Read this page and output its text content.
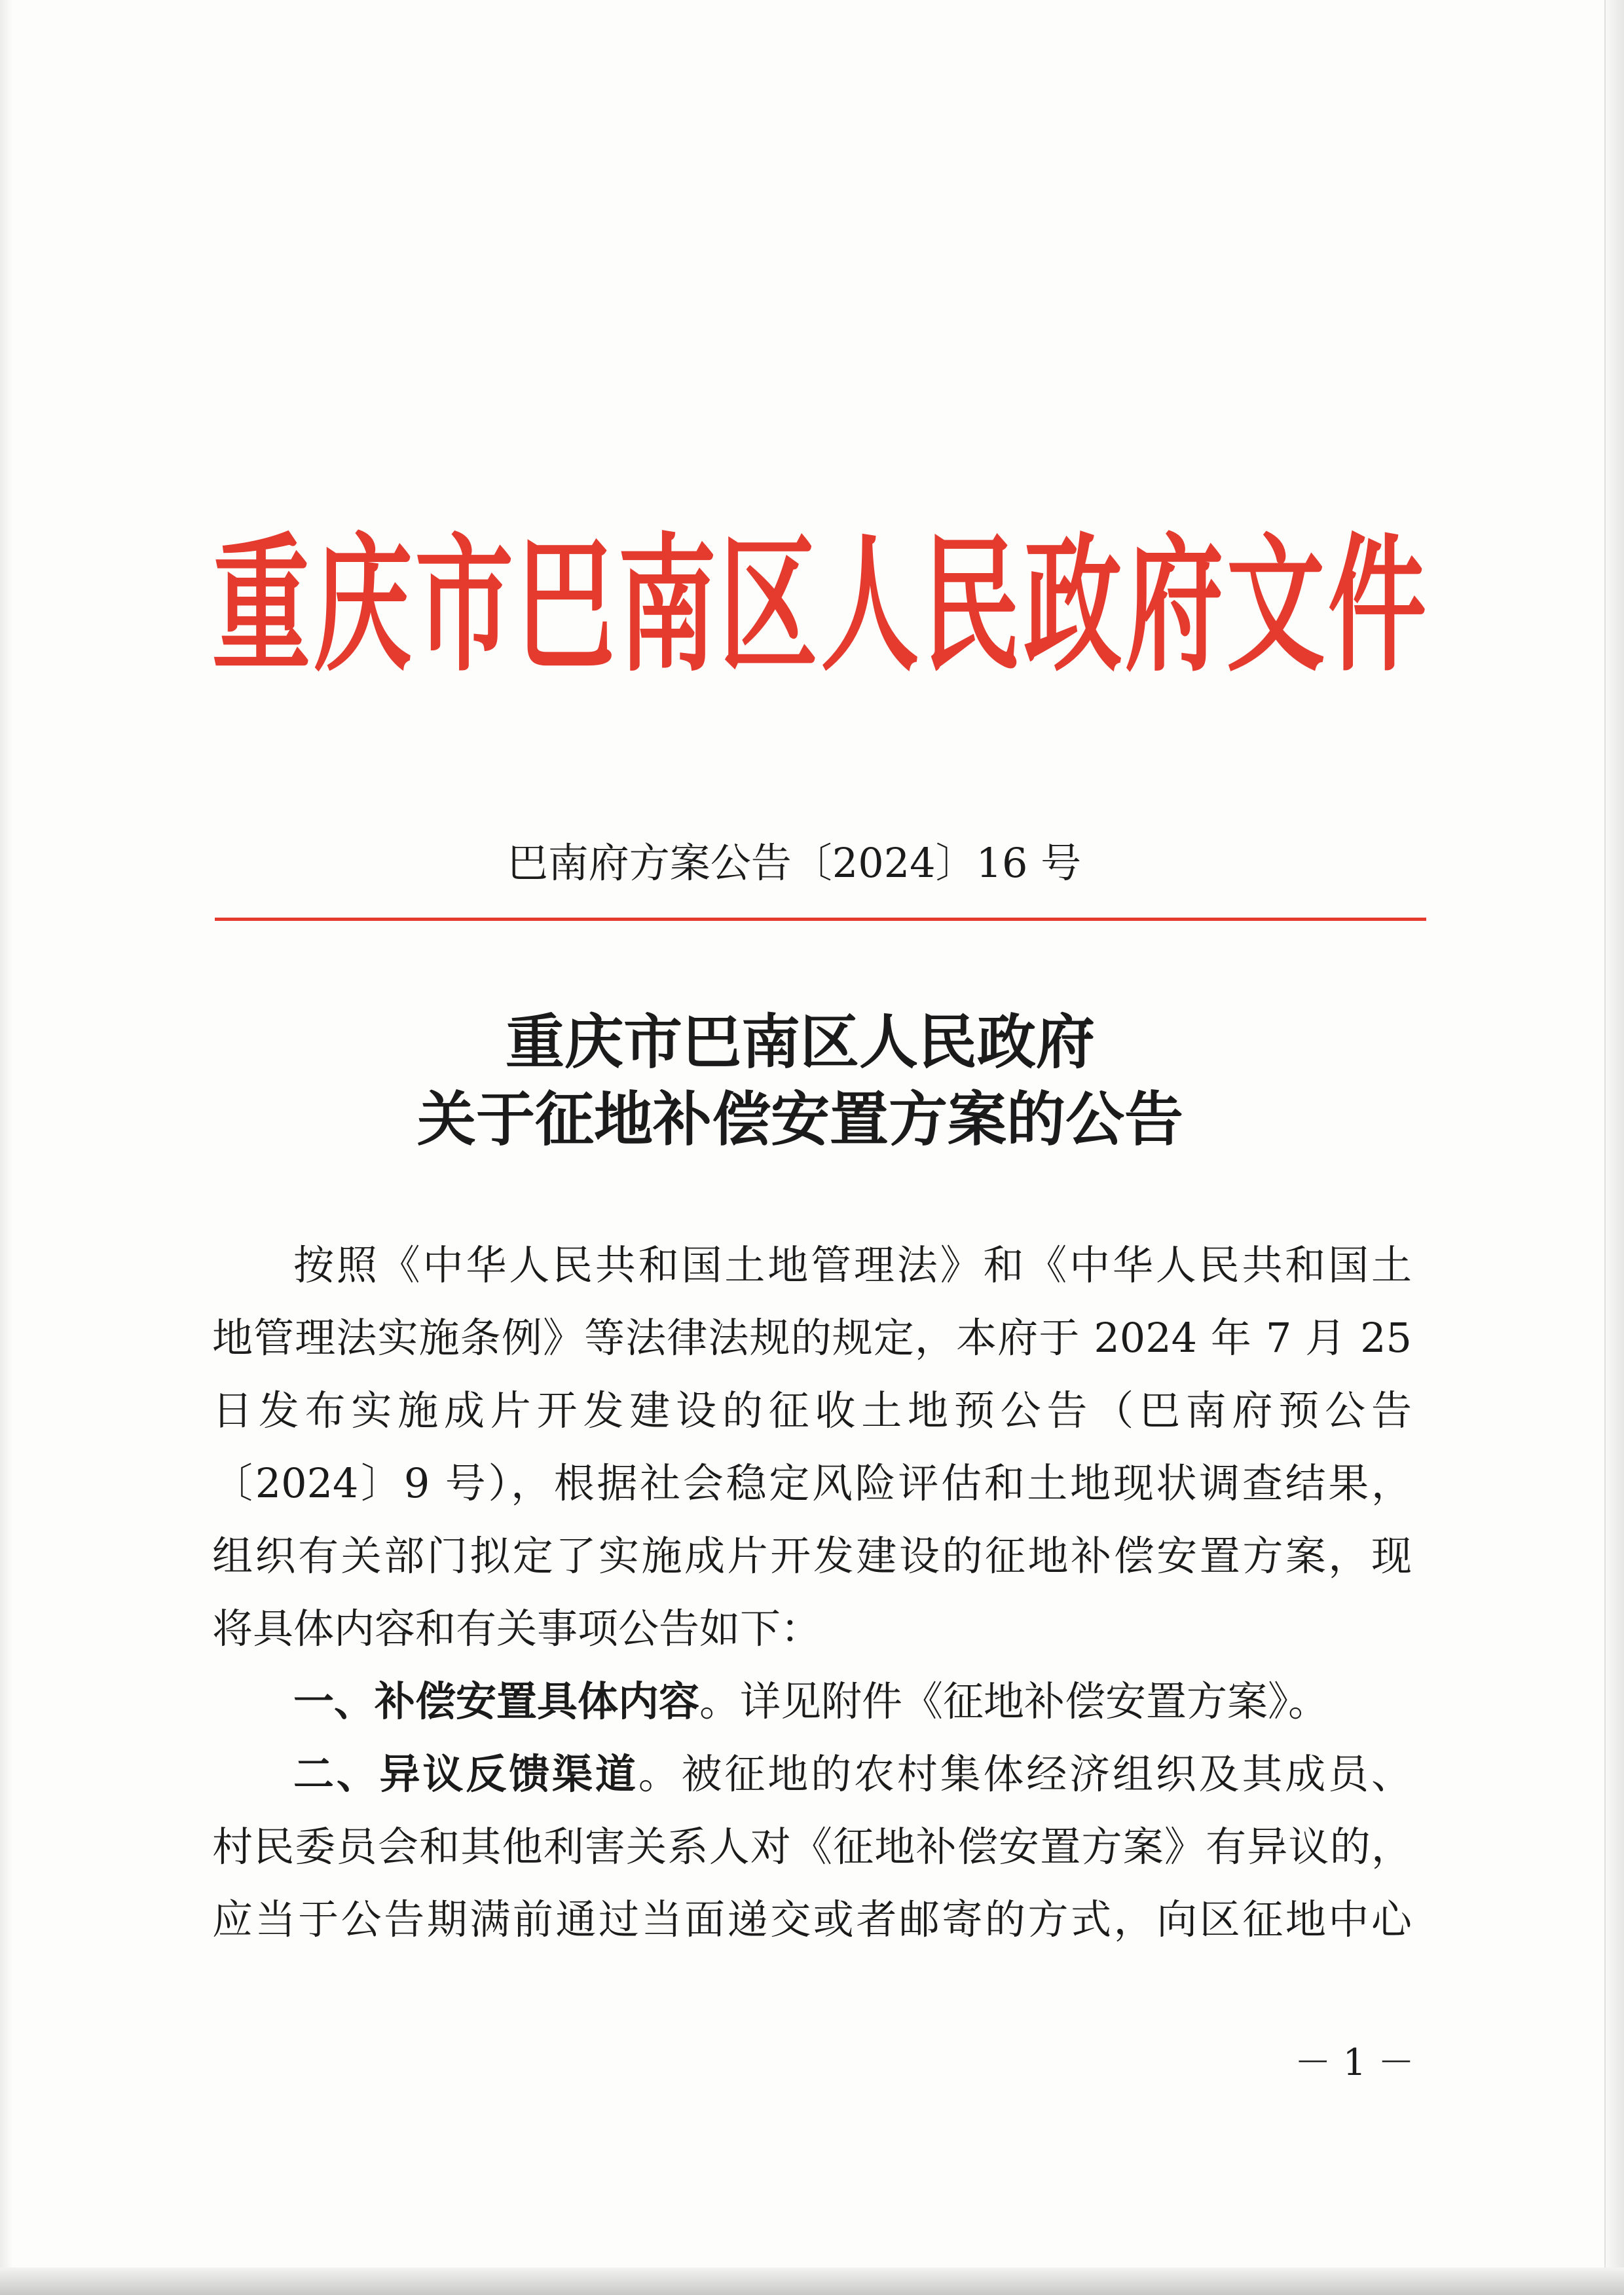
重庆市巴南区人民政府文件
巴南府方案公告〔2024〕16 号
重庆市巴南区人民政府
关于征地补偿安置方案的公告
按照《中华人民共和国土地管理法》和《中华人民共和国土
地管理法实施条例》等法律法规的规定，本府于 2024 年 7 月 25
日发布实施成片开发建设的征收土地预公告（巴南府预公告
〔2024〕9 号），根据社会稳定风险评估和土地现状调查结果，
组织有关部门拟定了实施成片开发建设的征地补偿安置方案，现
将具体内容和有关事项公告如下：
一、补偿安置具体内容。详见附件《征地补偿安置方案》。
二、异议反馈渠道。被征地的农村集体经济组织及其成员、
村民委员会和其他利害关系人对《征地补偿安置方案》有异议的，
应当于公告期满前通过当面递交或者邮寄的方式，向区征地中心
－ 1 －
